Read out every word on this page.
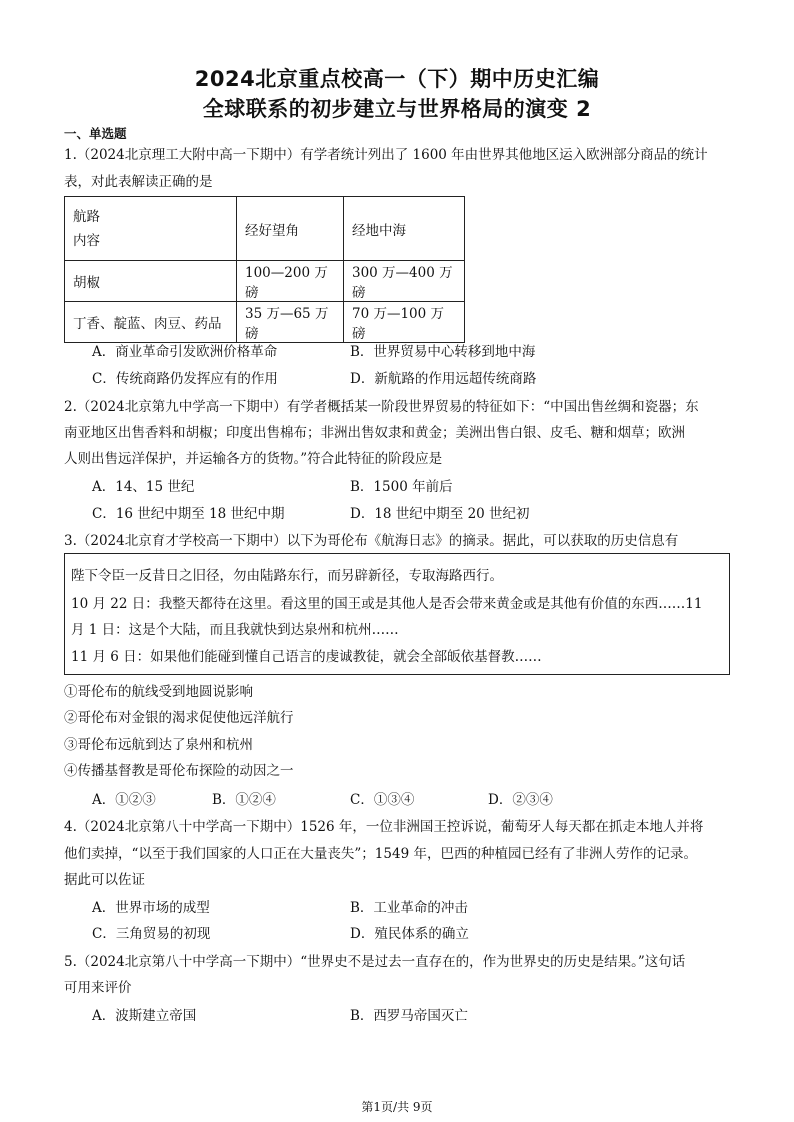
2024北京重点校高一（下）期中历史汇编
全球联系的初步建立与世界格局的演变 2
一、单选题
1.（2024北京理工大附中高一下期中）有学者统计列出了 1600 年由世界其他地区运入欧洲部分商品的统计
表，对此表解读正确的是
航路
内容	经好望角	经地中海
胡椒	100—200 万磅	300 万—400 万磅
丁香、靛蓝、肉豆、药品	35 万—65 万磅	70 万—100 万磅
A．商业革命引发欧洲价格革命	B．世界贸易中心转移到地中海
C．传统商路仍发挥应有的作用	D．新航路的作用远超传统商路
2.（2024北京第九中学高一下期中）有学者概括某一阶段世界贸易的特征如下：“中国出售丝绸和瓷器；东
南亚地区出售香料和胡椒；印度出售棉布；非洲出售奴隶和黄金；美洲出售白银、皮毛、糖和烟草；欧洲
人则出售远洋保护，并运输各方的货物。”符合此特征的阶段应是
A．14、15 世纪	B．1500 年前后
C．16 世纪中期至 18 世纪中期	D．18 世纪中期至 20 世纪初
3.（2024北京育才学校高一下期中）以下为哥伦布《航海日志》的摘录。据此，可以获取的历史信息有
陛下令臣一反昔日之旧径，勿由陆路东行，而另辟新径，专取海路西行。
10 月 22 日：我整天都待在这里。看这里的国王或是其他人是否会带来黄金或是其他有价值的东西……11
月 1 日：这是个大陆，而且我就快到达泉州和杭州……
11 月 6 日：如果他们能碰到懂自己语言的虔诚教徒，就会全部皈依基督教……
①哥伦布的航线受到地圆说影响
②哥伦布对金银的渴求促使他远洋航行
③哥伦布远航到达了泉州和杭州
④传播基督教是哥伦布探险的动因之一
A．①②③	B．①②④	C．①③④	D．②③④
4.（2024北京第八十中学高一下期中）1526 年，一位非洲国王控诉说，葡萄牙人每天都在抓走本地人并将
他们卖掉，“以至于我们国家的人口正在大量丧失”；1549 年，巴西的种植园已经有了非洲人劳作的记录。
据此可以佐证
A．世界市场的成型	B．工业革命的冲击
C．三角贸易的初现	D．殖民体系的确立
5.（2024北京第八十中学高一下期中）“世界史不是过去一直存在的，作为世界史的历史是结果。”这句话
可用来评价
A．波斯建立帝国	B．西罗马帝国灭亡
第1页/共 9页
